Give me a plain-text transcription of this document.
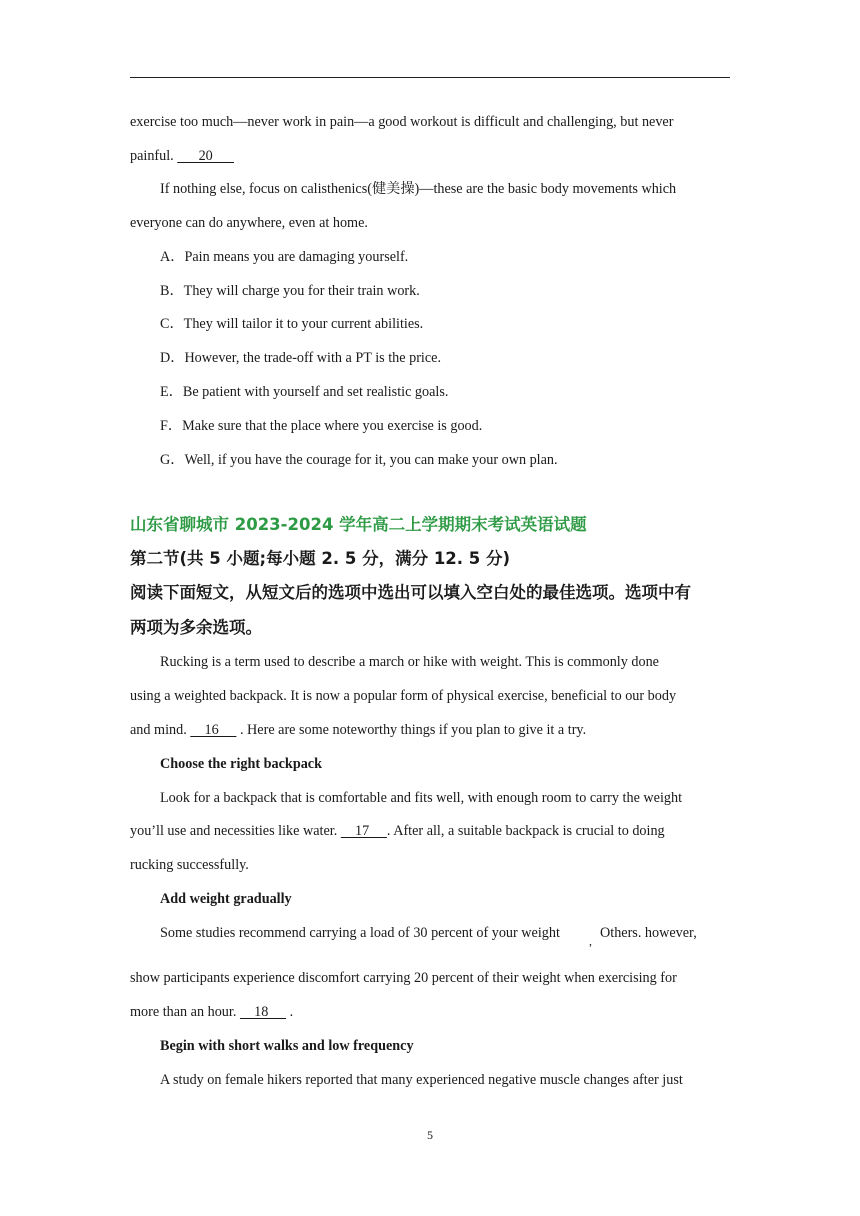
exercise too much—never work in pain—a good workout is difficult and challenging, but never
painful.       20
If nothing else, focus on calisthenics(健美操)—these are the basic body movements which
everyone can do anywhere, even at home.
A．Pain means you are damaging yourself.
B．They will charge you for their train work.
C．They will tailor it to your current abilities.
D．However, the trade-off with a PT is the price.
E．Be patient with yourself and set realistic goals.
F．Make sure that the place where you exercise is good.
G．Well, if you have the courage for it, you can make your own plan.
山东省聊城市 2023-2024 学年高二上学期期末考试英语试题
第二节(共 5 小题;每小题 2. 5 分，满分 12. 5 分)
阅读下面短文，从短文后的选项中选出可以填入空白处的最佳选项。选项中有
两项为多余选项。
Rucking is a term used to describe a march or hike with weight. This is commonly done
using a weighted backpack. It is now a popular form of physical exercise, beneficial to our body
and mind.     16      . Here are some noteworthy things if you plan to give it a try.
Choose the right backpack
Look for a backpack that is comfortable and fits well, with enough room to carry the weight
you’ll use and necessities like water.     17     . After all, a suitable backpack is crucial to doing
rucking successfully.
Add weight gradually
Some studies recommend carrying a load of 30 percent of your weight , Others. however,
show participants experience discomfort carrying 20 percent of their weight when exercising for
more than an hour.     18      .
Begin with short walks and low frequency
A study on female hikers reported that many experienced negative muscle changes after just
5
